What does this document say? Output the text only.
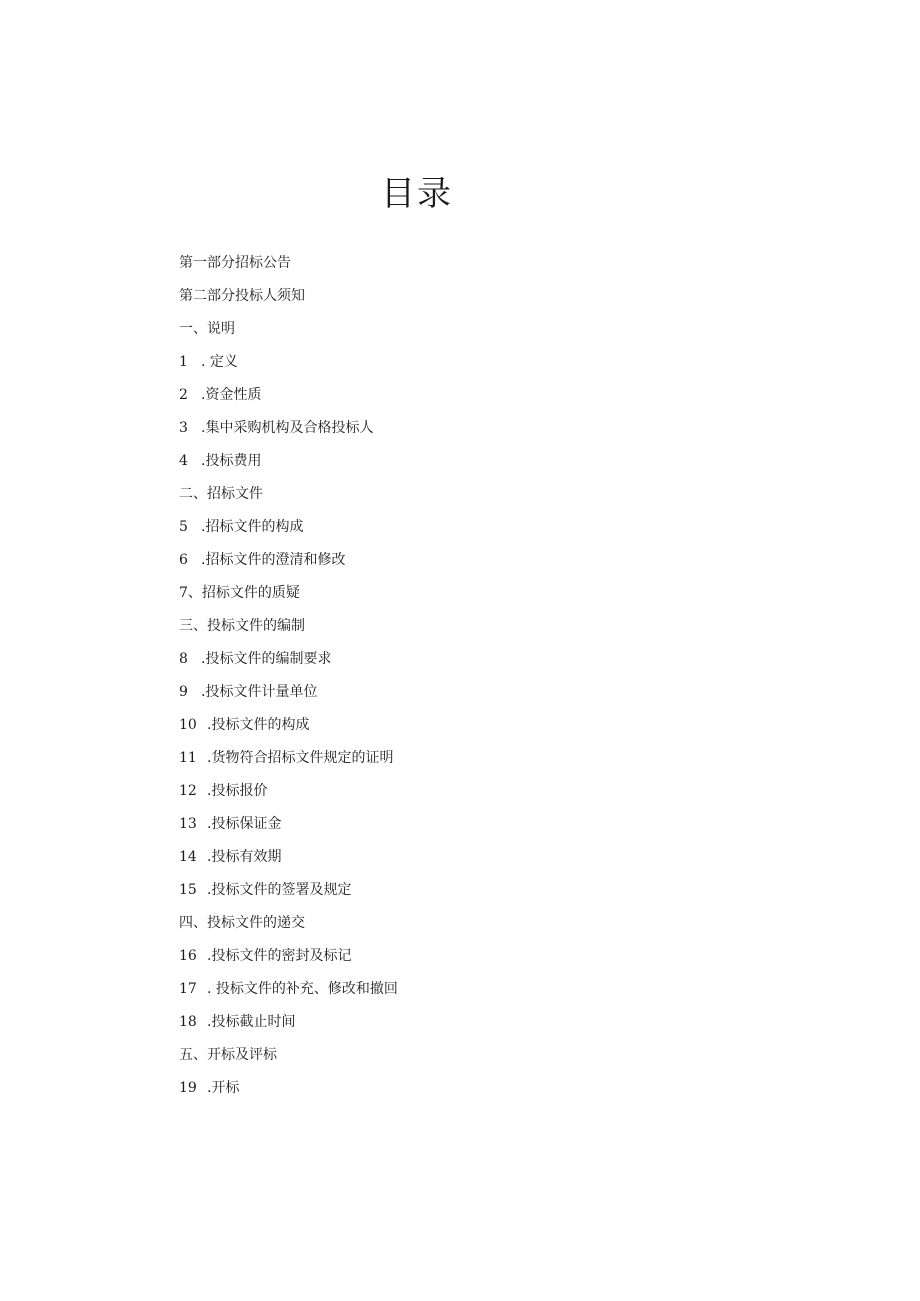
目录
第一部分招标公告
第二部分投标人须知
一、说明
1 . 定义
2 .资金性质
3 .集中采购机构及合格投标人
4 .投标费用
二、招标文件
5 .招标文件的构成
6 .招标文件的澄清和修改
7、招标文件的质疑
三、投标文件的编制
8 .投标文件的编制要求
9 .投标文件计量单位
10 .投标文件的构成
11 .货物符合招标文件规定的证明
12 .投标报价
13 .投标保证金
14 .投标有效期
15 .投标文件的签署及规定
四、投标文件的递交
16 .投标文件的密封及标记
17 . 投标文件的补充、修改和撤回
18 .投标截止时间
五、开标及评标
19 .开标
